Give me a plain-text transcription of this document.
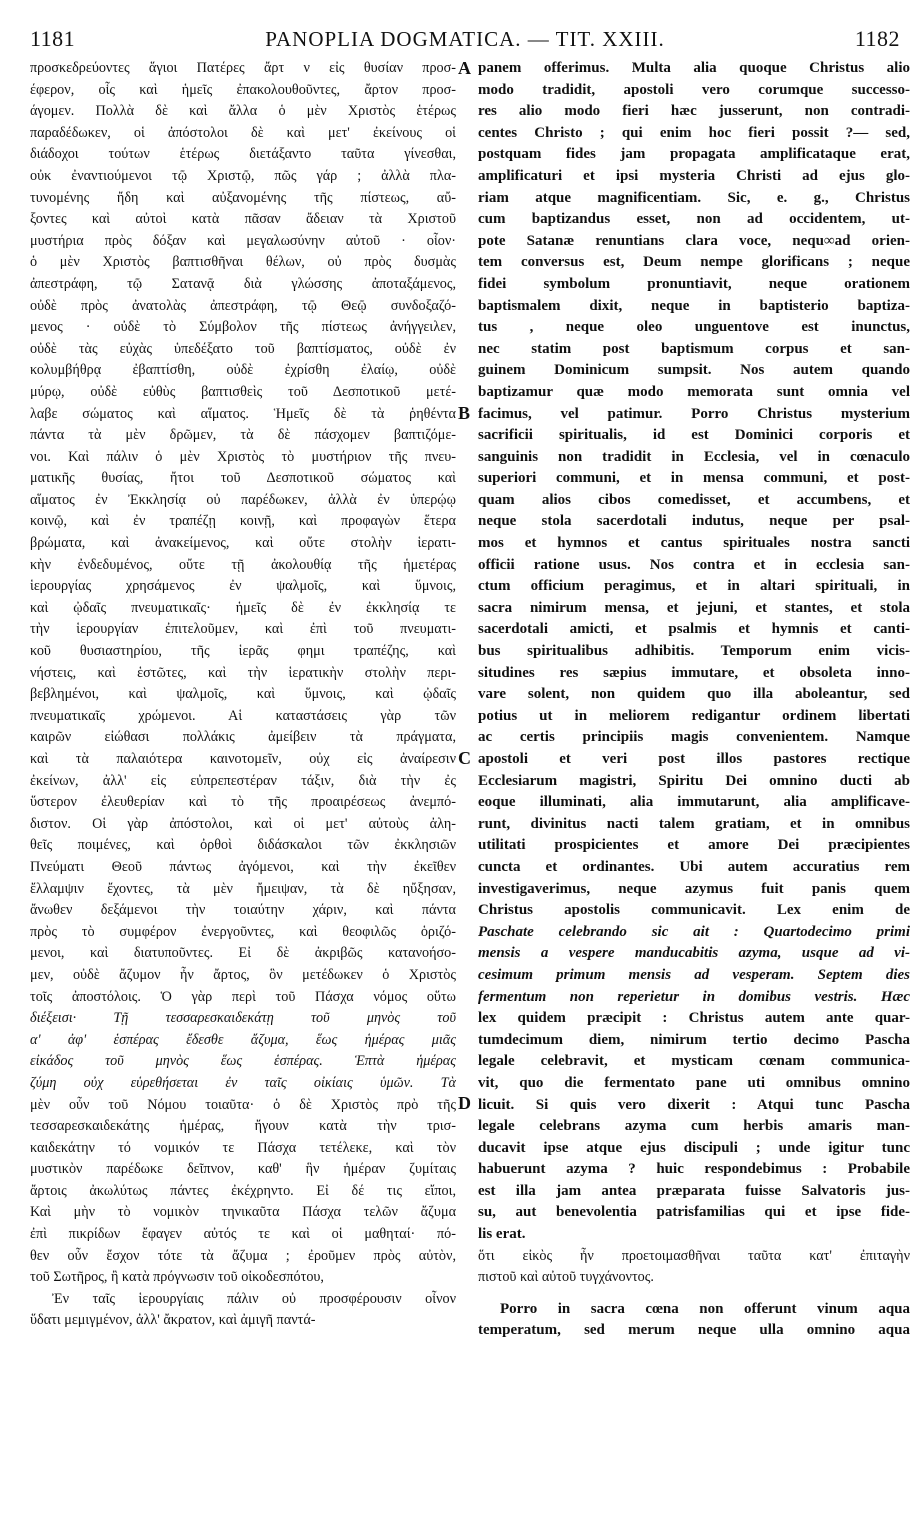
1181	PANOPLIA DOGMATICA. — TIT. XXIII.	1182
προσκεδρεύοντες ἅγιοι Πατέρες ἄρτ ν εἰς θυσίαν προσ-
έφερον, οἷς καὶ ἡμεῖς ἐπακολουθοῦντες, ἄρτον προσ-
άγομεν. Πολλὰ δὲ καὶ ἄλλα ὁ μὲν Χριστὸς ἑτέρως
παραδέδωκεν, οἱ ἀπόστολοι δὲ καὶ μετ' ἐκείνους οἱ
διάδοχοι τούτων ἑτέρως διετάξαντο ταῦτα γίνεσθαι,
οὐκ ἐναντιούμενοι τῷ Χριστῷ, πῶς γάρ ; ἀλλὰ πλα-
τυνομένης ἤδη καὶ αὐξανομένης τῆς πίστεως, αὔ-
ξοντες καὶ αὐτοὶ κατὰ πᾶσαν ἄδειαν τὰ Χριστοῦ
μυστήρια πρὸς δόξαν καὶ μεγαλωσύνην αὐτοῦ · οἷον·
ὁ μὲν Χριστὸς βαπτισθῆναι θέλων, οὐ πρὸς δυσμὰς
ἀπεστράφη, τῷ Σατανᾷ διὰ γλώσσης ἀποταξάμενος,
οὐδὲ πρὸς ἀνατολὰς ἀπεστράφη, τῷ Θεῷ συνδοξαζό-
μενος · οὐδὲ τὸ Σύμβολον τῆς πίστεως ἀνήγγειλεν,
οὐδὲ τὰς εὐχὰς ὑπεδέξατο τοῦ βαπτίσματος, οὐδὲ ἐν
κολυμβήθρᾳ ἐβαπτίσθη, οὐδὲ ἐχρίσθη ἐλαίῳ, οὐδὲ
μύρῳ, οὐδὲ εὐθὺς βαπτισθεὶς τοῦ Δεσποτικοῦ μετέ-
λαβε σώματος καὶ αἵματος. Ἡμεῖς δὲ τὰ ῥηθέντα
πάντα τὰ μὲν δρῶμεν, τὰ δὲ πάσχομεν βαπτιζόμε-
νοι. Καὶ πάλιν ὁ μὲν Χριστὸς τὸ μυστήριον τῆς πνευ-
ματικῆς θυσίας, ἤτοι τοῦ Δεσποτικοῦ σώματος καὶ
αἵματος ἐν Ἐκκλησίᾳ οὐ παρέδωκεν, ἀλλὰ ἐν ὑπερῴῳ
κοινῷ, καὶ ἐν τραπέζῃ κοινῇ, καὶ προφαγὼν ἕτερα
βρώματα, καὶ ἀνακείμενος, καὶ οὔτε στολὴν ἱερατι-
κὴν ἐνδεδυμένος, οὔτε τῇ ἀκολουθίᾳ τῆς ἡμετέρας
ἱερουργίας χρησάμενος ἐν ψαλμοῖς, καὶ ὕμνοις,
καὶ ᾠδαῖς πνευματικαῖς· ἡμεῖς δὲ ἐν ἐκκλησίᾳ τε
τὴν ἱερουργίαν ἐπιτελοῦμεν, καὶ ἐπὶ τοῦ πνευματι-
κοῦ θυσιαστηρίου, τῆς ἱερᾶς φημι τραπέζης, καὶ
νήστεις, καὶ ἑστῶτες, καὶ τὴν ἱερατικὴν στολὴν περι-
βεβλημένοι, καὶ ψαλμοῖς, καὶ ὕμνοις, καὶ ᾠδαῖς
πνευματικαῖς χρώμενοι. Αἱ καταστάσεις γὰρ τῶν
καιρῶν εἰώθασι πολλάκις ἀμείβειν τὰ πράγματα,
καὶ τὰ παλαιότερα καινοτομεῖν, οὐχ εἰς ἀναίρεσιν
ἐκείνων, ἀλλ' εἰς εὐπρεπεστέραν τάξιν, διὰ τὴν ἐς
ὕστερον ἐλευθερίαν καὶ τὸ τῆς προαιρέσεως ἀνεμπό-
διστον. Οἱ γὰρ ἀπόστολοι, καὶ οἱ μετ' αὐτοὺς ἀλη-
θεῖς ποιμένες, καὶ ὀρθοὶ διδάσκαλοι τῶν ἐκκλησιῶν
Πνεύματι Θεοῦ πάντως ἀγόμενοι, καὶ τὴν ἐκεῖθεν
ἔλλαμψιν ἔχοντες, τὰ μὲν ἤμειψαν, τὰ δὲ ηὔξησαν,
ἄνωθεν δεξάμενοι τὴν τοιαύτην χάριν, καὶ πάντα
πρὸς τὸ συμφέρον ἐνεργοῦντες, καὶ θεοφιλῶς ὁριζό-
μενοι, καὶ διατυποῦντες. Εἰ δὲ ἀκριβῶς κατανοήσο-
μεν, οὐδὲ ἄζυμον ἦν ἄρτος, ὃν μετέδωκεν ὁ Χριστὸς
τοῖς ἀποστόλοις. Ὁ γὰρ περὶ τοῦ Πάσχα νόμος οὕτω
διέξεισι· Τῇ τεσσαρεσκαιδεκάτῃ τοῦ μηνὸς τοῦ
α' ἀφ' ἑσπέρας ἔδεσθε ἄζυμα, ἕως ἡμέρας μιᾶς
εἰκάδος τοῦ μηνὸς ἕως ἑσπέρας. Ἑπτὰ ἡμέρας
ζύμη οὐχ εὑρεθήσεται ἐν ταῖς οἰκίαις ὑμῶν. Τὰ
μὲν οὖν τοῦ Νόμου τοιαῦτα· ὁ δὲ Χριστὸς πρὸ τῆς
τεσσαρεσκαιδεκάτης ἡμέρας, ἤγουν κατὰ τὴν τρισ-
καιδεκάτην τό νομικόν τε Πάσχα τετέλεκε, καὶ τὸν
μυστικὸν παρέδωκε δεῖπνον, καθ' ἣν ἡμέραν ζυμίταις
ἄρτοις ἀκωλύτως πάντες ἐκέχρηντο. Εἰ δέ τις εἴποι,
Καὶ μὴν τὸ νομικὸν τηνικαῦτα Πάσχα τελῶν ἄζυμα
ἐπὶ πικρίδων ἔφαγεν αὐτός τε καὶ οἱ μαθηταί· πό-
θεν οὖν ἔσχον τότε τὰ ἄζυμα ; ἐροῦμεν πρὸς αὐτὸν,
τοῦ Σωτῆρος, ἢ κατὰ πρόγνωσιν τοῦ οἰκοδεσπότου,
Ἐν ταῖς ἱερουργίαις πάλιν οὐ προσφέρουσιν οἶνον
ὕδατι μεμιγμένον, ἀλλ' ἄκρατον, καὶ ἀμιγῆ παντά-
A
B
C
D
panem offerimus. Multa alia quoque Christus alio
modo tradidit, apostoli vero corumque successo-
res alio modo fieri hæc jusserunt, non contradi-
centes Christo ; qui enim hoc fieri possit ?— sed,
postquam fides jam propagata amplificataque erat,
amplificaturi et ipsi mysteria Christi ad ejus glo-
riam atque magnificentiam. Sic, e. g., Christus
cum baptizandus esset, non ad occidentem, ut-
pote Satanæ renuntians clara voce, nequ∞ad orien-
tem conversus est, Deum nempe glorificans ; neque
fidei symbolum pronuntiavit, neque orationem
baptismalem dixit, neque in baptisterio baptiza-
tus , neque oleo unguentove est inunctus,
nec statim post baptismum corpus et san-
guinem Dominicum sumpsit. Nos autem quando
baptizamur quæ modo memorata sunt omnia vel
facimus, vel patimur. Porro Christus mysterium
sacrificii spiritualis, id est Dominici corporis et
sanguinis non tradidit in Ecclesia, vel in cœnaculo
superiori communi, et in mensa communi, et post-
quam alios cibos comedisset, et accumbens, et
neque stola sacerdotali indutus, neque per psal-
mos et hymnos et cantus spirituales nostra sancti
officii ratione usus. Nos contra et in ecclesia san-
ctum officium peragimus, et in altari spirituali, in
sacra nimirum mensa, et jejuni, et stantes, et stola
sacerdotali amicti, et psalmis et hymnis et canti-
bus spiritualibus adhibitis. Temporum enim vicis-
situdines res sæpius immutare, et obsoleta inno-
vare solent, non quidem quo illa aboleantur, sed
potius ut in meliorem redigantur ordinem libertati
ac certis principiis magis convenientem. Namque
apostoli et veri post illos pastores rectique
Ecclesiarum magistri, Spiritu Dei omnino ducti ab
eoque illuminati, alia immutarunt, alia amplificave-
runt, divinitus nacti talem gratiam, et in omnibus
utilitati prospicientes et amore Dei præcipientes
cuncta et ordinantes. Ubi autem accuratius rem
investigaverimus, neque azymus fuit panis quem
Christus apostolis communicavit. Lex enim de
Paschate celebrando sic ait : Quartodecimo primi
mensis a vespere manducabitis azyma, usque ad vi-
cesimum primum mensis ad vesperam. Septem dies
fermentum non reperietur in domibus vestris. Hæc
lex quidem præcipit : Christus autem ante quar-
tumdecimum diem, nimirum tertio decimo Pascha
legale celebravit, et mysticam cœnam communica-
vit, quo die fermentato pane uti omnibus omnino
licuit. Si quis vero dixerit : Atqui tunc Pascha
legale celebrans azyma cum herbis amaris man-
ducavit ipse atque ejus discipuli ; unde igitur tunc
habuerunt azyma ? huic respondebimus : Probabile
est illa jam antea præparata fuisse Salvatoris jus-
su, aut benevolentia patrisfamilias qui et ipse fide-
lis erat.
ὅτι εἰκὸς ἦν προετοιμασθῆναι ταῦτα κατ' ἐπιταγὴν
πιστοῦ καὶ αὐτοῦ τυγχάνοντος.
Porro in sacra cœna non offerunt vinum aqua
temperatum, sed merum neque ulla omnino aqua
